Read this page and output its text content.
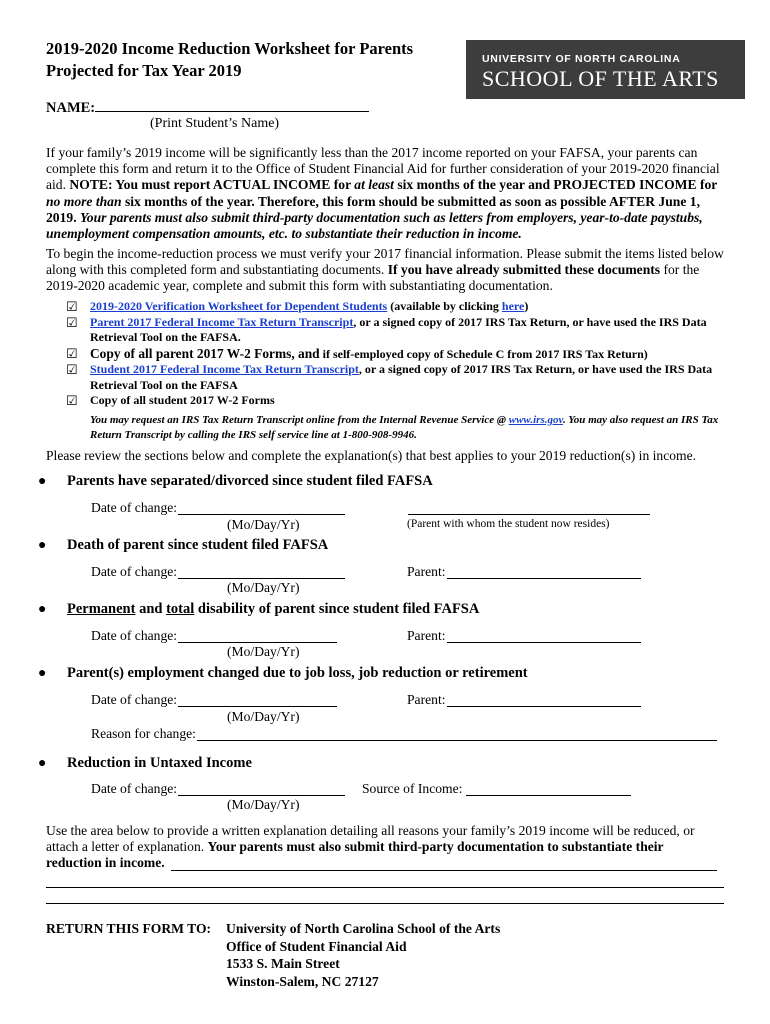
2019-2020 Income Reduction Worksheet for Parents
Projected for Tax Year 2019
UNIVERSITY OF NORTH CAROLINA
SCHOOL OF THE ARTS
NAME:
(Print Student’s Name)
If your family’s 2019 income will be significantly less than the 2017 income reported on your FAFSA, your parents can complete this form and return it to the Office of Student Financial Aid for further consideration of your 2019-2020 financial aid. NOTE: You must report ACTUAL INCOME for at least six months of the year and PROJECTED INCOME for no more than six months of the year. Therefore, this form should be submitted as soon as possible AFTER June 1, 2019. Your parents must also submit third-party documentation such as letters from employers, year-to-date paystubs, unemployment compensation amounts, etc. to substantiate their reduction in income.
To begin the income-reduction process we must verify your 2017 financial information. Please submit the items listed below along with this completed form and substantiating documents. If you have already submitted these documents for the 2019-2020 academic year, complete and submit this form with substantiating documentation.
☑	2019-2020 Verification Worksheet for Dependent Students (available by clicking here)
☑	Parent 2017 Federal Income Tax Return Transcript, or a signed copy of 2017 IRS Tax Return, or have used the IRS Data Retrieval Tool on the FAFSA.
☑ Copy of all parent 2017 W-2 Forms, and if self-employed copy of Schedule C from 2017 IRS Tax Return)
☑	Student 2017 Federal Income Tax Return Transcript, or a signed copy of 2017 IRS Tax Return, or have used the IRS Data Retrieval Tool on the FAFSA
☑	Copy of all student 2017 W-2 Forms
You may request an IRS Tax Return Transcript online from the Internal Revenue Service @ www.irs.gov. You may also request an IRS Tax Return Transcript by calling the IRS self service line at 1-800-908-9946.
Please review the sections below and complete the explanation(s) that best applies to your 2019 reduction(s) in income.
●	Parents have separated/divorced since student filed FAFSA
Date of change:
(Mo/Day/Yr)	(Parent with whom the student now resides)
●	Death of parent since student filed FAFSA
Date of change:	Parent:
(Mo/Day/Yr)
●	Permanent and total disability of parent since student filed FAFSA
Date of change:	Parent:
(Mo/Day/Yr)
●	Parent(s) employment changed due to job loss, job reduction or retirement
Date of change:	Parent:
(Mo/Day/Yr)
Reason for change:
●	Reduction in Untaxed Income
Date of change:	Source of Income:
(Mo/Day/Yr)
Use the area below to provide a written explanation detailing all reasons your family’s 2019 income will be reduced, or attach a letter of explanation. Your parents must also submit third-party documentation to substantiate their reduction in income.
RETURN THIS FORM TO:	University of North Carolina School of the Arts
Office of Student Financial Aid
1533 S. Main Street
Winston-Salem, NC 27127
